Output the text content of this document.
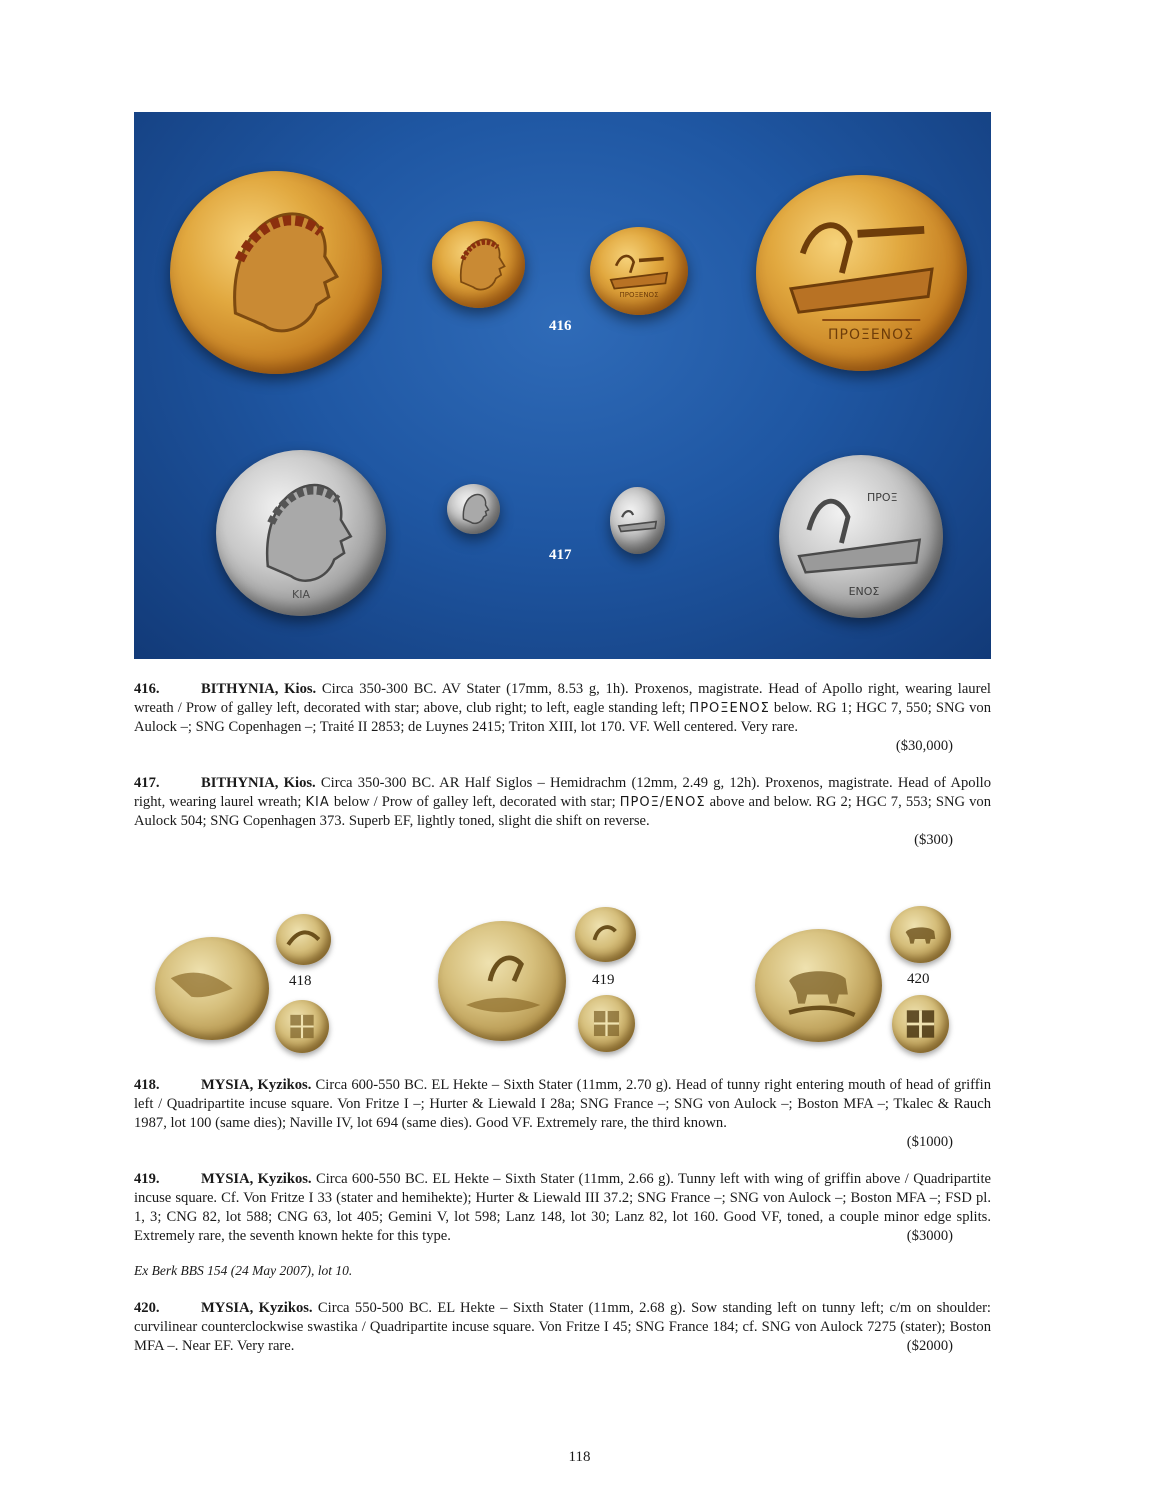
ΠΡΟΞΕΝΟΣ
ΠΡΟΞΕΝΟΣ
416
ΚΙΑ
ΠΡΟΞ
ΕΝΟΣ
417
416.	BITHYNIA, Kios. Circa 350-300 BC. AV Stater (17mm, 8.53 g, 1h). Proxenos, magistrate. Head of Apollo right, wearing laurel wreath / Prow of galley left, decorated with star; above, club right; to left, eagle standing left; ΠΡΟΞΕΝΟΣ below. RG 1; HGC 7, 550; SNG von Aulock –; SNG Copenhagen –; Traité II 2853; de Luynes 2415; Triton XIII, lot 170. VF. Well centered. Very rare.
($30,000)
417.	BITHYNIA, Kios. Circa 350-300 BC. AR Half Siglos – Hemidrachm (12mm, 2.49 g, 12h). Proxenos, magistrate. Head of Apollo right, wearing laurel wreath; ΚΙΑ below / Prow of galley left, decorated with star; ΠΡΟΞ/ΕΝΟΣ above and below. RG 2; HGC 7, 553; SNG von Aulock 504; SNG Copenhagen 373. Superb EF, lightly toned, slight die shift on reverse.
($300)
418	419	420
418.	MYSIA, Kyzikos. Circa 600-550 BC. EL Hekte – Sixth Stater (11mm, 2.70 g). Head of tunny right entering mouth of head of griffin left / Quadripartite incuse square. Von Fritze I –; Hurter & Liewald I 28a; SNG France –; SNG von Aulock –; Boston MFA –; Tkalec & Rauch 1987, lot 100 (same dies); Naville IV, lot 694 (same dies). Good VF. Extremely rare, the third known.
($1000)
419.	MYSIA, Kyzikos. Circa 600-550 BC. EL Hekte – Sixth Stater (11mm, 2.66 g). Tunny left with wing of griffin above / Quadripartite incuse square. Cf. Von Fritze I 33 (stater and hemihekte); Hurter & Liewald III 37.2; SNG France –; SNG von Aulock –; Boston MFA –; FSD pl. 1, 3; CNG 82, lot 588; CNG 63, lot 405; Gemini V, lot 598; Lanz 148, lot 30; Lanz 82, lot 160. Good VF, toned, a couple minor edge splits. Extremely rare, the seventh known hekte for this type.	($3000)
Ex Berk BBS 154 (24 May 2007), lot 10.
420.	MYSIA, Kyzikos. Circa 550-500 BC. EL Hekte – Sixth Stater (11mm, 2.68 g). Sow standing left on tunny left; c/m on shoulder: curvilinear counterclockwise swastika / Quadripartite incuse square. Von Fritze I 45; SNG France 184; cf. SNG von Aulock 7275 (stater); Boston MFA –. Near EF. Very rare.	($2000)
118
